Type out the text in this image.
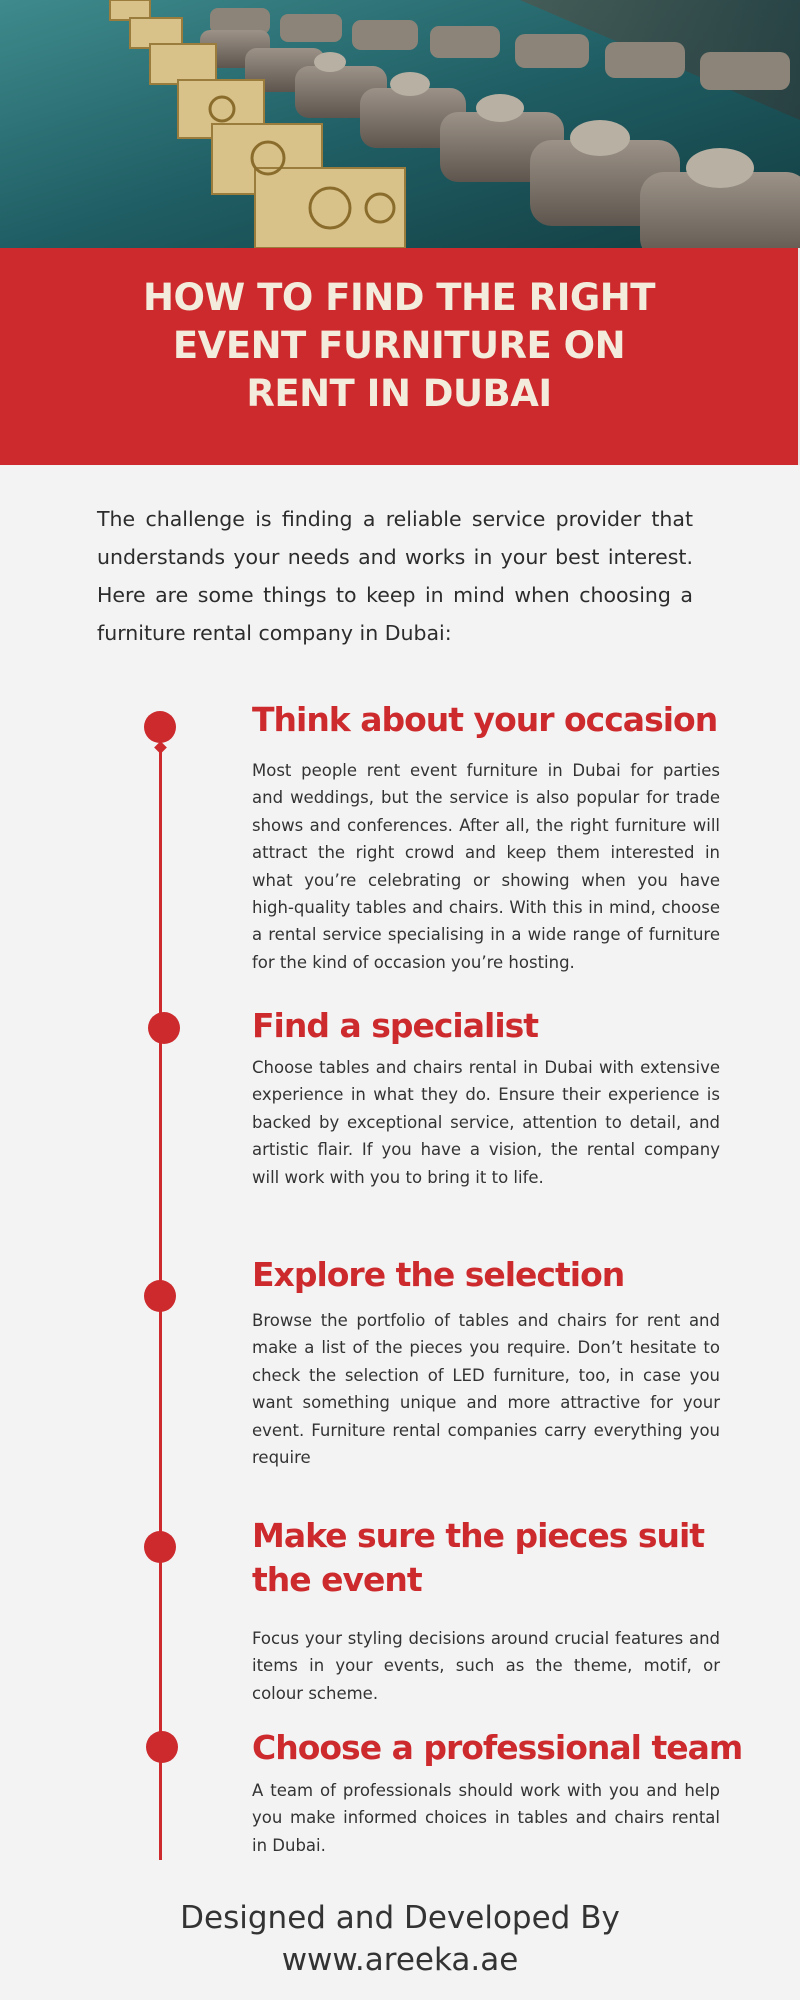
HOW TO FIND THE RIGHT
EVENT FURNITURE ON
RENT IN DUBAI

The challenge is finding a reliable service provider that understands your needs and works in your best interest. Here are some things to keep in mind when choosing a furniture rental company in Dubai:

Think about your occasion

Most people rent event furniture in Dubai for parties and weddings, but the service is also popular for trade shows and conferences. After all, the right furniture will attract the right crowd and keep them interested in what you’re celebrating or showing when you have high-quality tables and chairs. With this in mind, choose a rental service specialising in a wide range of furniture for the kind of occasion you’re hosting.

Find a specialist

Choose tables and chairs rental in Dubai with extensive experience in what they do. Ensure their experience is backed by exceptional service, attention to detail, and artistic flair. If you have a vision, the rental company will work with you to bring it to life.

Explore the selection

Browse the portfolio of tables and chairs for rent and make a list of the pieces you require. Don’t hesitate to check the selection of LED furniture, too, in case you want something unique and more attractive for your event. Furniture rental companies carry everything you require

Make sure the pieces suit the event

Focus your styling decisions around crucial features and items in your events, such as the theme, motif, or colour scheme.

Choose a professional team

A team of professionals should work with you and help you make informed choices in tables and chairs rental in Dubai.

Designed and Developed By
www.areeka.ae
